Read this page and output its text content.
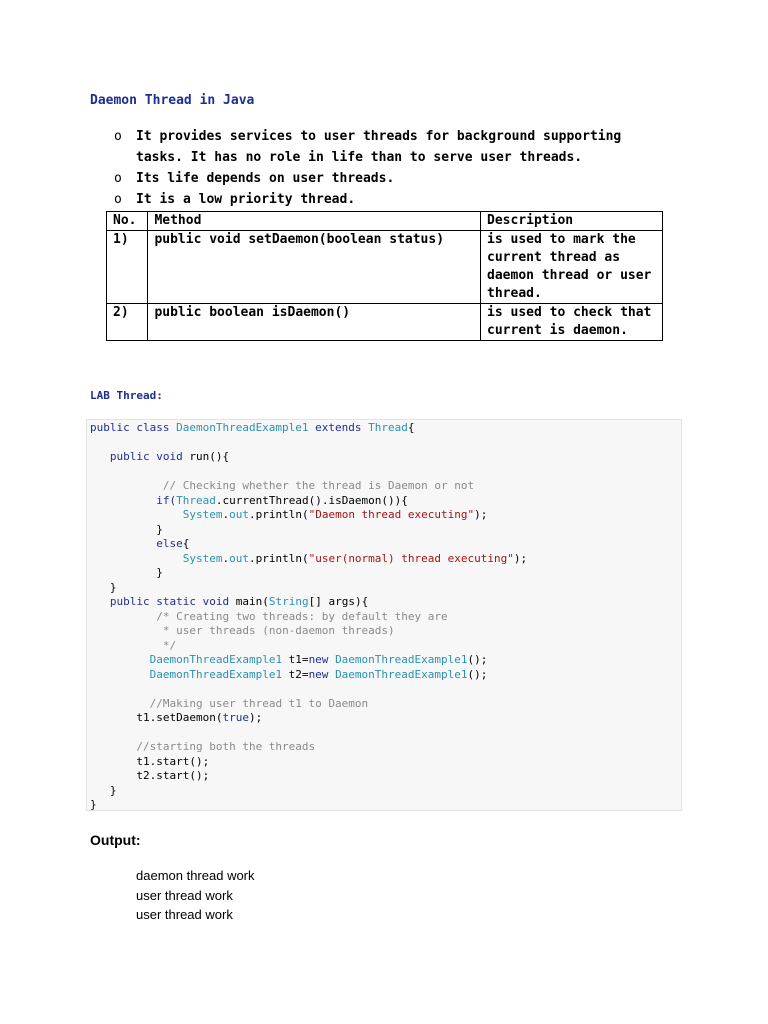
Daemon Thread in Java
o It provides services to user threads for background supporting tasks. It has no role in life than to serve user threads.
o Its life depends on user threads.
o It is a low priority thread.
No.	Method	Description
1)	public void setDaemon(boolean status)	is used to mark the current thread as daemon thread or user thread.
2)	public boolean isDaemon()	is used to check that current is daemon.
LAB Thread:
public class DaemonThreadExample1 extends Thread{

public void run(){

// Checking whether the thread is Daemon or not
if(Thread.currentThread().isDaemon()){
System.out.println("Daemon thread executing");
}
else{
System.out.println("user(normal) thread executing");
}
}
public static void main(String[] args){
/* Creating two threads: by default they are
* user threads (non-daemon threads)
*/
DaemonThreadExample1 t1=new DaemonThreadExample1();
DaemonThreadExample1 t2=new DaemonThreadExample1();

//Making user thread t1 to Daemon
t1.setDaemon(true);

//starting both the threads
t1.start();
t2.start();
}
}
Output:
daemon thread work
user thread work
user thread work
